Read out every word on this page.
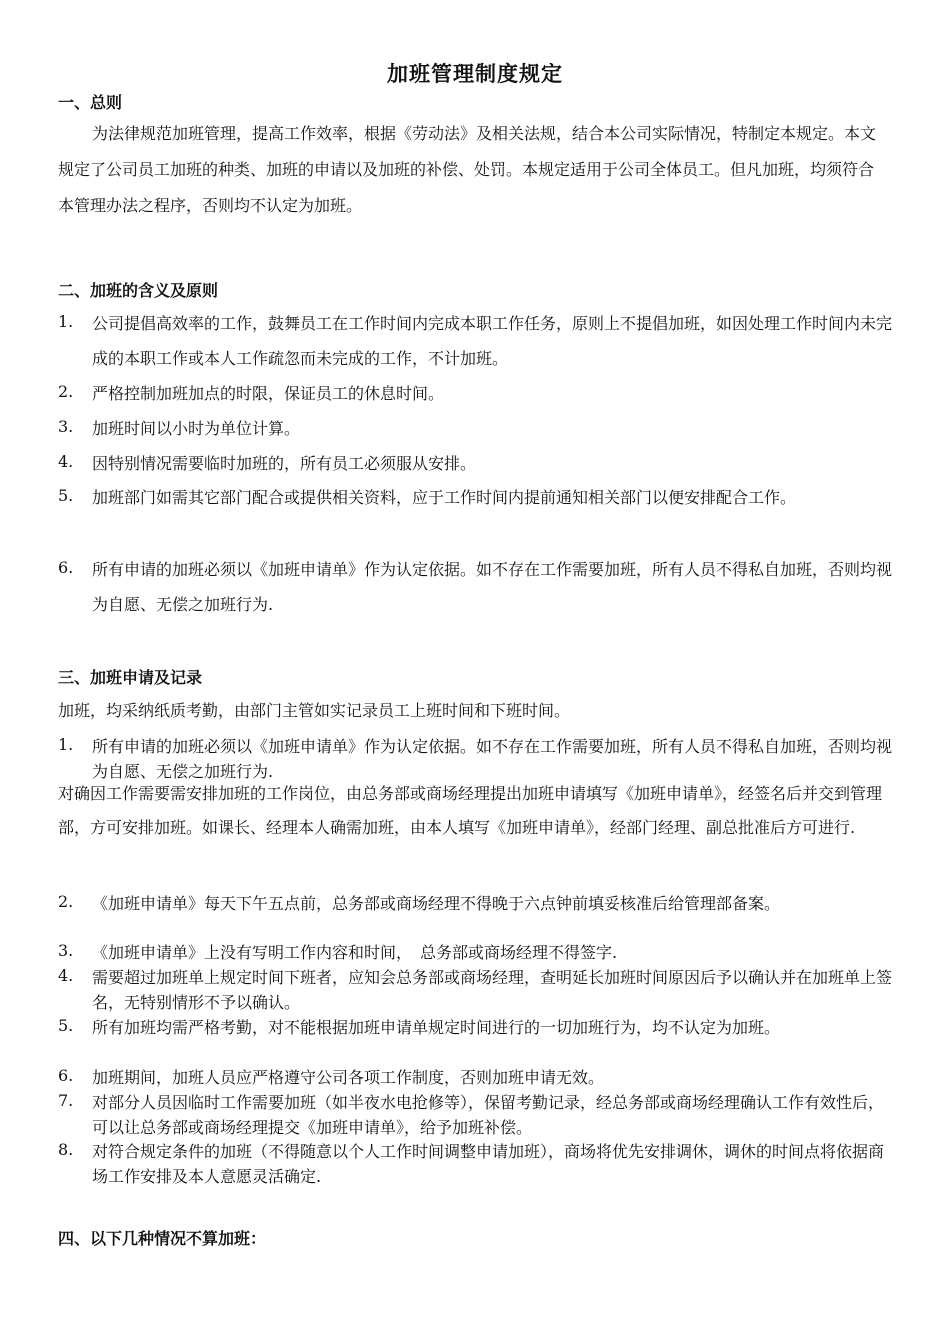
加班管理制度规定
一、总则
为法律规范加班管理，提高工作效率，根据《劳动法》及相关法规，结合本公司实际情况，特制定本规定。本文规定了公司员工加班的种类、加班的申请以及加班的补偿、处罚。本规定适用于公司全体员工。但凡加班，均须符合本管理办法之程序，否则均不认定为加班。
二、加班的含义及原则
1. 公司提倡高效率的工作，鼓舞员工在工作时间内完成本职工作任务，原则上不提倡加班，如因处理工作时间内未完成的本职工作或本人工作疏忽而未完成的工作，不计加班。
2. 严格控制加班加点的时限，保证员工的休息时间。
3. 加班时间以小时为单位计算。
4. 因特别情况需要临时加班的，所有员工必须服从安排。
5. 加班部门如需其它部门配合或提供相关资料，应于工作时间内提前通知相关部门以便安排配合工作。
6. 所有申请的加班必须以《加班申请单》作为认定依据。如不存在工作需要加班，所有人员不得私自加班，否则均视为自愿、无偿之加班行为.
三、加班申请及记录
加班，均采纳纸质考勤，由部门主管如实记录员工上班时间和下班时间。
1. 所有申请的加班必须以《加班申请单》作为认定依据。如不存在工作需要加班，所有人员不得私自加班，否则均视为自愿、无偿之加班行为.
对确因工作需要需安排加班的工作岗位，由总务部或商场经理提出加班申请填写《加班申请单》，经签名后并交到管理部，方可安排加班。如课长、经理本人确需加班，由本人填写《加班申请单》，经部门经理、副总批准后方可进行.
2. 《加班申请单》每天下午五点前，总务部或商场经理不得晚于六点钟前填妥核准后给管理部备案。
3. 《加班申请单》上没有写明工作内容和时间，　总务部或商场经理不得签字.
4. 需要超过加班单上规定时间下班者，应知会总务部或商场经理，查明延长加班时间原因后予以确认并在加班单上签名，无特别情形不予以确认。
5. 所有加班均需严格考勤，对不能根据加班申请单规定时间进行的一切加班行为，均不认定为加班。
6. 加班期间，加班人员应严格遵守公司各项工作制度，否则加班申请无效。
7. 对部分人员因临时工作需要加班（如半夜水电抢修等），保留考勤记录，经总务部或商场经理确认工作有效性后，可以让总务部或商场经理提交《加班申请单》，给予加班补偿。
8. 对符合规定条件的加班（不得随意以个人工作时间调整申请加班），商场将优先安排调休，调休的时间点将依据商场工作安排及本人意愿灵活确定.
四、以下几种情况不算加班：
